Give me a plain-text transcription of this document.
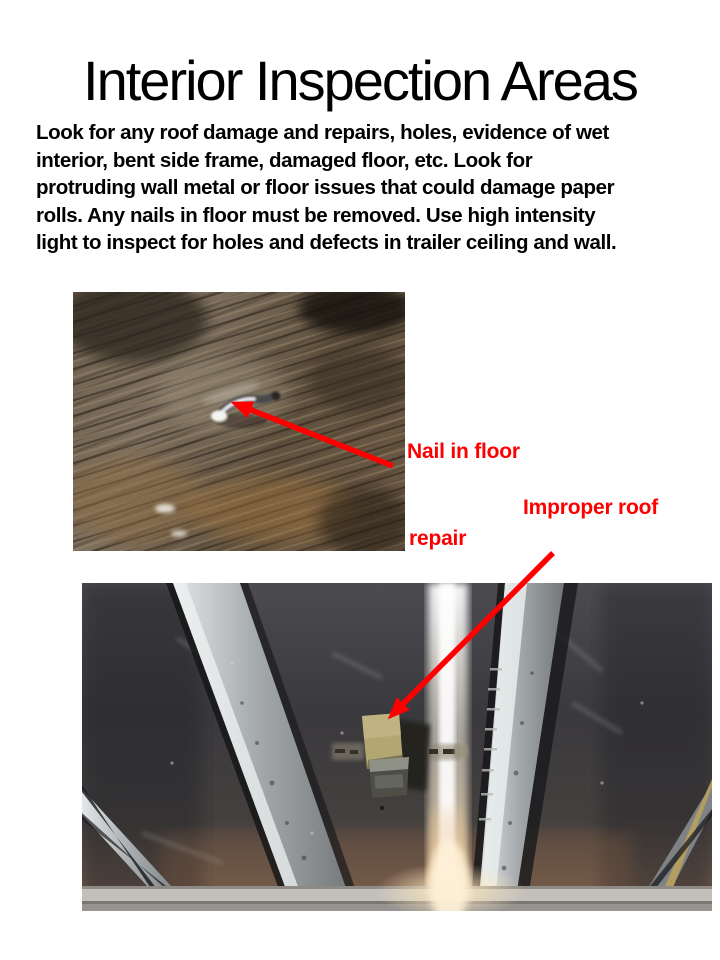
Interior Inspection Areas
Look for any roof damage and repairs, holes, evidence of wet
interior, bent side frame, damaged floor, etc. Look for
protruding wall metal or floor issues that could damage paper
rolls. Any nails in floor must be removed. Use high intensity
light to inspect for holes and defects in trailer ceiling and wall.
Nail in floor
Improper roof
repair
